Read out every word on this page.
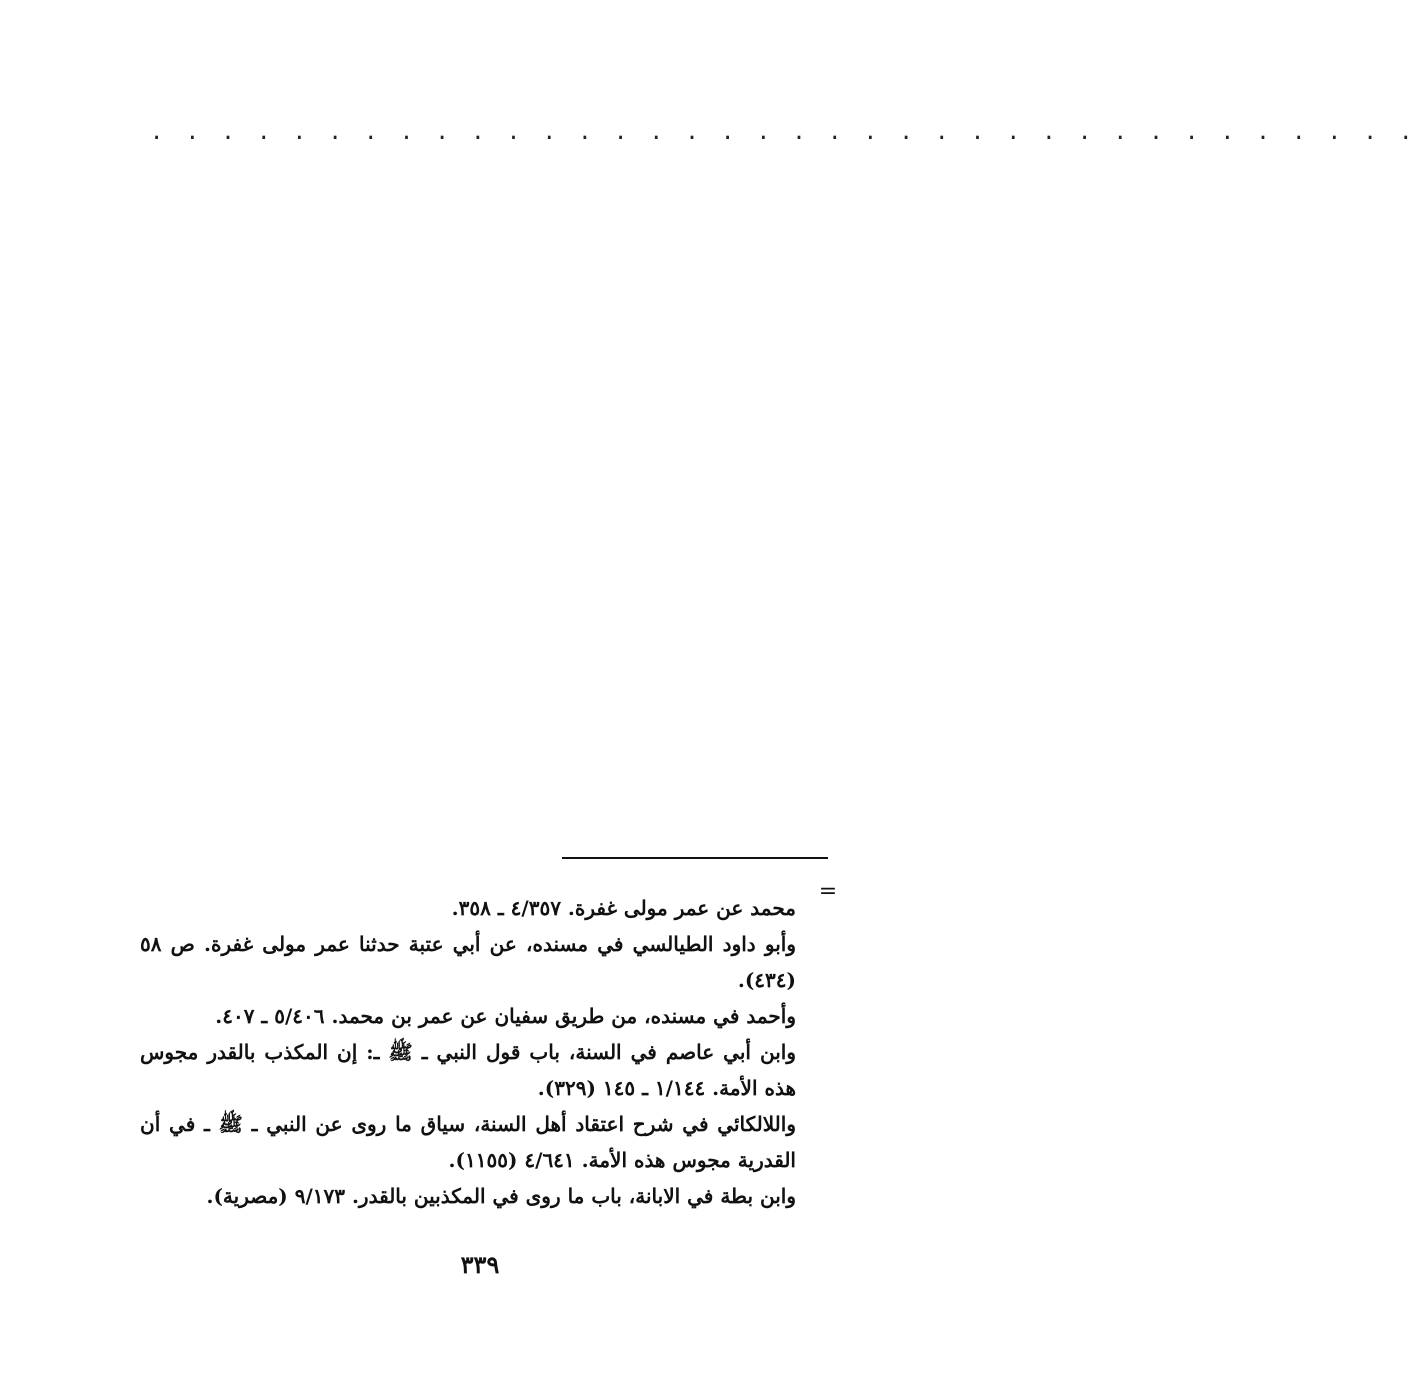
. . . . . . . . . . . . . . . . . . . . . . . . . . . . . . . . . . . .
=

محمد عن عمر مولى غفرة. ٤/٣٥٧ ـ ٣٥٨.

وأبو داود الطيالسي في مسنده، عن أبي عتبة حدثنا عمر مولى غفرة. ص ٥٨ (٤٣٤).

وأحمد في مسنده، من طريق سفيان عن عمر بن محمد. ٥/٤٠٦ ـ ٤٠٧.

وابن أبي عاصم في السنة، باب قول النبي ـ ﷺ ـ: إن المكذب بالقدر مجوس هذه الأمة. ١/١٤٤ ـ ١٤٥ (٣٢٩).

واللالكائي في شرح اعتقاد أهل السنة، سياق ما روى عن النبي ـ ﷺ ـ في أن القدرية مجوس هذه الأمة. ٤/٦٤١ (١١٥٥).

وابن بطة في الابانة، باب ما روى في المكذبين بالقدر. ٩/١٧٣ (مصرية).

٣٣٩
